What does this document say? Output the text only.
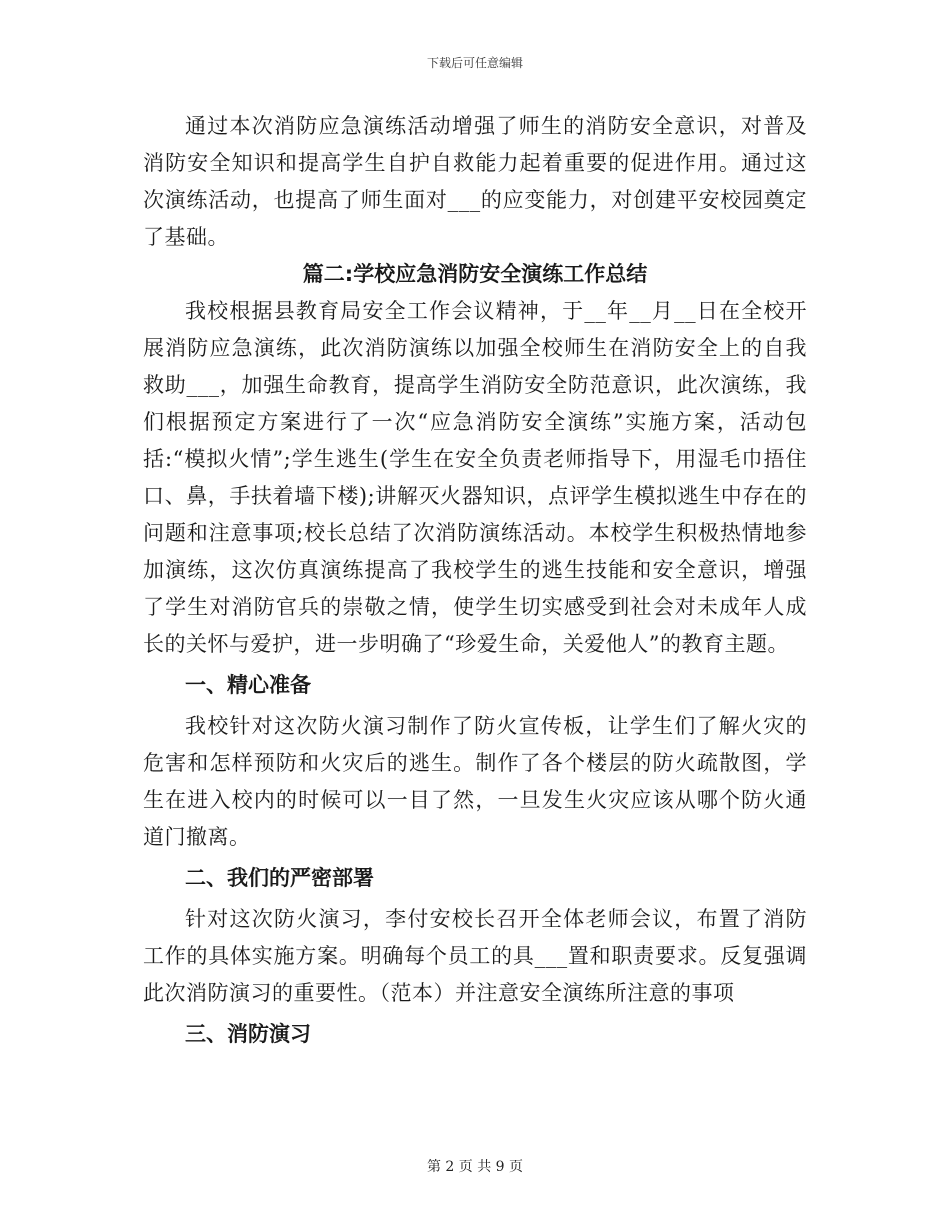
下载后可任意编辑

通过本次消防应急演练活动增强了师生的消防安全意识，对普及消防安全知识和提高学生自护自救能力起着重要的促进作用。通过这次演练活动，也提高了师生面对___的应变能力，对创建平安校园奠定了基础。

篇二:学校应急消防安全演练工作总结

我校根据县教育局安全工作会议精神，于__年__月__日在全校开展消防应急演练，此次消防演练以加强全校师生在消防安全上的自我救助___，加强生命教育，提高学生消防安全防范意识，此次演练，我们根据预定方案进行了一次“应急消防安全演练”实施方案，活动包括:“模拟火情”;学生逃生(学生在安全负责老师指导下，用湿毛巾捂住口、鼻，手扶着墙下楼);讲解灭火器知识，点评学生模拟逃生中存在的问题和注意事项;校长总结了次消防演练活动。本校学生积极热情地参加演练，这次仿真演练提高了我校学生的逃生技能和安全意识，增强了学生对消防官兵的崇敬之情，使学生切实感受到社会对未成年人成长的关怀与爱护，进一步明确了“珍爱生命，关爱他人”的教育主题。

一、精心准备

我校针对这次防火演习制作了防火宣传板，让学生们了解火灾的危害和怎样预防和火灾后的逃生。制作了各个楼层的防火疏散图，学生在进入校内的时候可以一目了然，一旦发生火灾应该从哪个防火通道门撤离。

二、我们的严密部署

针对这次防火演习，李付安校长召开全体老师会议，布置了消防工作的具体实施方案。明确每个员工的具___置和职责要求。反复强调此次消防演习的重要性。（范本）并注意安全演练所注意的事项

三、消防演习

第 2 页 共 9 页
